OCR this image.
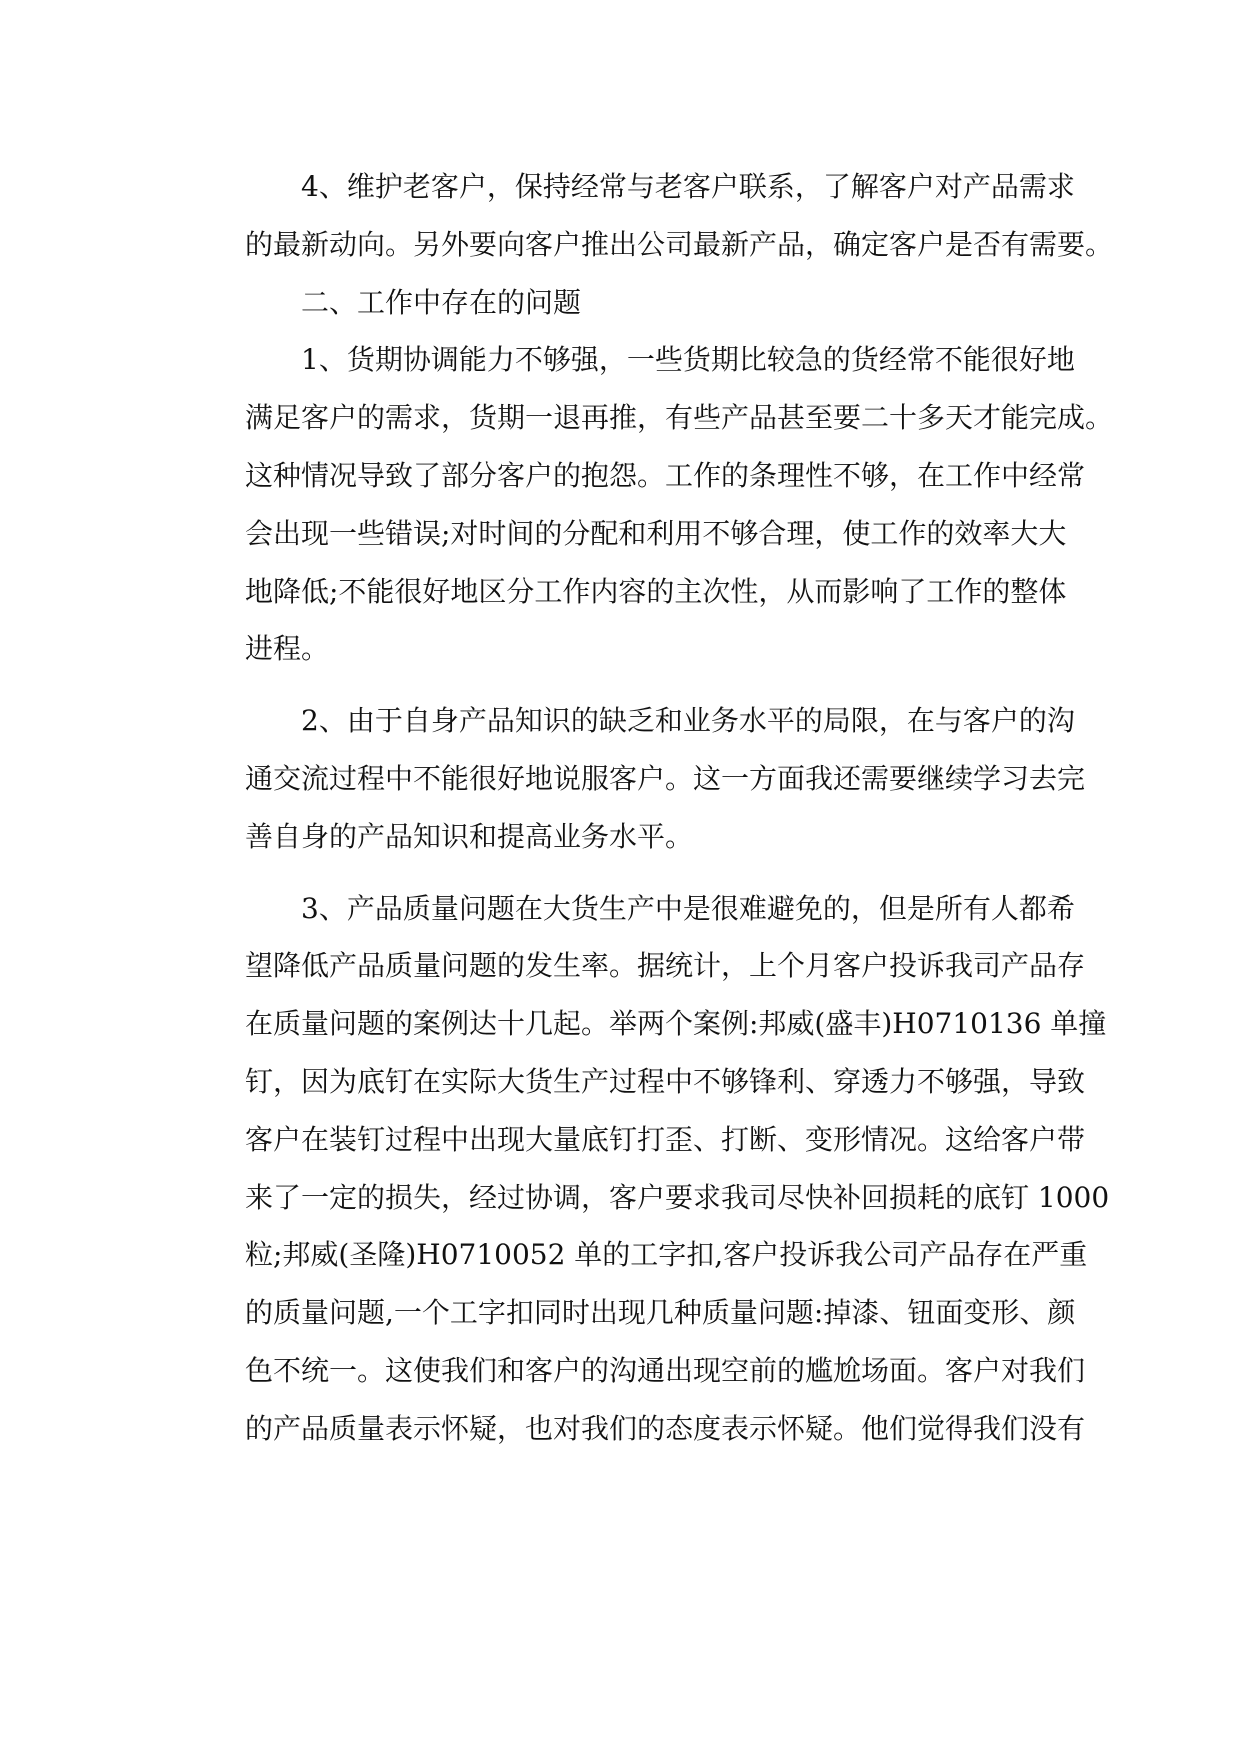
4、维护老客户，保持经常与老客户联系，了解客户对产品需求
的最新动向。另外要向客户推出公司最新产品，确定客户是否有需要。
二、工作中存在的问题
1、货期协调能力不够强，一些货期比较急的货经常不能很好地
满足客户的需求，货期一退再推，有些产品甚至要二十多天才能完成。
这种情况导致了部分客户的抱怨。工作的条理性不够，在工作中经常
会出现一些错误;对时间的分配和利用不够合理，使工作的效率大大
地降低;不能很好地区分工作内容的主次性，从而影响了工作的整体
进程。
2、由于自身产品知识的缺乏和业务水平的局限，在与客户的沟
通交流过程中不能很好地说服客户。这一方面我还需要继续学习去完
善自身的产品知识和提高业务水平。
3、产品质量问题在大货生产中是很难避免的，但是所有人都希
望降低产品质量问题的发生率。据统计，上个月客户投诉我司产品存
在质量问题的案例达十几起。举两个案例:邦威(盛丰)H0710136 单撞
钉，因为底钉在实际大货生产过程中不够锋利、穿透力不够强，导致
客户在装钉过程中出现大量底钉打歪、打断、变形情况。这给客户带
来了一定的损失，经过协调，客户要求我司尽快补回损耗的底钉 1000
粒;邦威(圣隆)H0710052 单的工字扣,客户投诉我公司产品存在严重
的质量问题,一个工字扣同时出现几种质量问题:掉漆、钮面变形、颜
色不统一。这使我们和客户的沟通出现空前的尴尬场面。客户对我们
的产品质量表示怀疑，也对我们的态度表示怀疑。他们觉得我们没有
